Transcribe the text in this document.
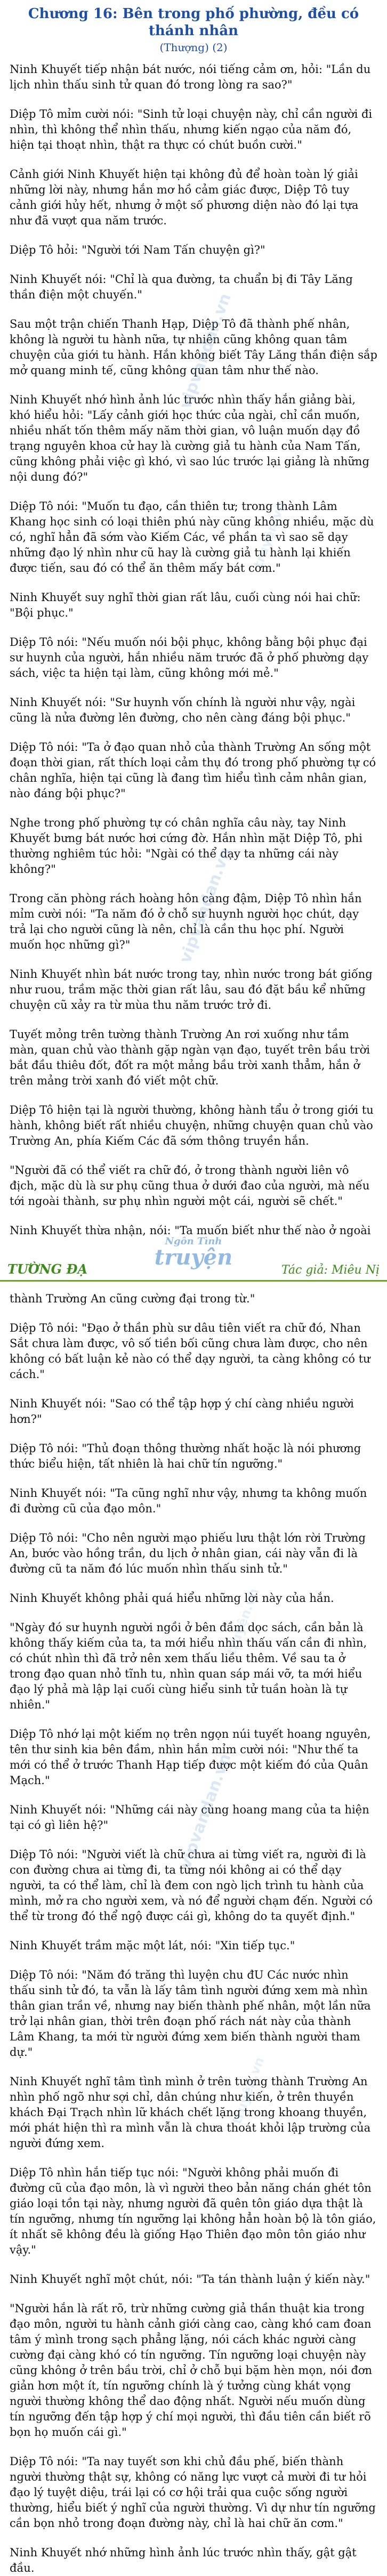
vipvandan.vn
truyện.vn
vipvandan.vn
truyện.vn
vipvandan.vn
truyện.vn
Chương 16: Bên trong phố phường, đều có thánh nhân
(Thượng) (2)
Ninh Khuyết tiếp nhận bát nước, nói tiếng cảm ơn, hỏi: "Lần du lịch nhìn thấu sinh tử quan đó trong lòng ra sao?"
Diệp Tô mỉm cười nói: "Sinh tử loại chuyện này, chỉ cần người đi nhìn, thì không thể nhìn thấu, nhưng kiến ngạo của năm đó, hiện tại thoạt nhìn, thật ra thực có chút buồn cười."
Cảnh giới Ninh Khuyết hiện tại không đủ để hoàn toàn lý giải những lời này, nhưng hắn mơ hồ cảm giác được, Diệp Tô tuy cảnh giới hủy hết, nhưng ở một số phương diện nào đó lại tựa như đã vượt qua năm trước.
Diệp Tô hỏi: "Người tới Nam Tấn chuyện gì?"
Ninh Khuyết nói: "Chỉ là qua đường, ta chuẩn bị đi Tây Lăng thần điện một chuyến."
Sau một trận chiến Thanh Hạp, Diệp Tô đã thành phế nhân, không là người tu hành nữa, tự nhiên cũng không quan tâm chuyện của giới tu hành. Hắn không biết Tây Lăng thần điện sắp mở quang minh tế, cũng không quan tâm như thế nào.
Ninh Khuyết nhớ hình ảnh lúc trước nhìn thấy hắn giảng bài, khó hiểu hỏi: "Lấy cảnh giới học thức của ngài, chỉ cần muốn, nhiều nhất tốn thêm mấy năm thời gian, vô luận muốn dạy đồ trạng nguyên khoa cử hay là cường giả tu hành của Nam Tấn, cũng không phải việc gì khó, vì sao lúc trước lại giảng là những nội dung đó?"
Diệp Tô nói: "Muốn tu đạo, cần thiên tư; trong thành Lâm Khang học sinh có loại thiên phú này cũng không nhiều, mặc dù có, nghĩ hẳn đã sớm vào Kiếm Các, về phần ta vì sao sẽ dạy những đạo lý nhìn như cũ hay là cường giả tu hành lại khiến được tiến, sau đó có thể ăn thêm mấy bát cơm."
Ninh Khuyết suy nghĩ thời gian rất lâu, cuối cùng nói hai chữ: "Bội phục."
Diệp Tô nói: "Nếu muốn nói bội phục, không bằng bội phục đại sư huynh của người, hắn nhiều năm trước đã ở phố phường dạy sách, việc ta hiện tại làm, cũng không mới mẻ."
Ninh Khuyết nói: "Sư huynh vốn chính là người như vậy, ngài cũng là nửa đường lên đường, cho nên càng đáng bội phục."
Diệp Tô nói: "Ta ở đạo quan nhỏ của thành Trường An sống một đoạn thời gian, rất thích loại cảm thụ đó trong phố phường tự có chân nghĩa, hiện tại cũng là đang tìm hiểu tình cảm nhân gian, nào đáng bội phục?"
Nghe trong phố phường tự có chân nghĩa câu này, tay Ninh Khuyết bưng bát nước hơi cứng đờ. Hắn nhìn mặt Diệp Tô, phi thường nghiêm túc hỏi: "Ngài có thể dạy ta những cái này không?"
Trong căn phòng rách hoàng hôn càng đậm, Diệp Tô nhìn hắn mỉm cười nói: "Ta năm đó ở chỗ sư huynh người học chút, dạy trả lại cho người cũng là nên, chỉ là cần thu học phí. Người muốn học những gì?"
Ninh Khuyết nhìn bát nước trong tay, nhìn nước trong bát giống như ruou, trầm mặc thời gian rất lâu, sau đó đặt bầu kể những chuyện cũ xảy ra từ mùa thu năm trước trở đi.
Tuyết mỏng trên tường thành Trường An rơi xuống như tầm màn, quan chủ vào thành gặp ngàn vạn đạo, tuyết trên bầu trời bắt đầu thiêu đốt, đốt ra một mảng bầu trời xanh thẳm, hắn ở trên mảng trời xanh đó viết một chữ.
Diệp Tô hiện tại là người thường, không hành tẩu ở trong giới tu hành, không biết rất nhiều chuyện, những chuyện quan chủ vào Trường An, phía Kiếm Các đã sớm thông truyền hắn.
"Người đã có thể viết ra chữ đó, ở trong thành người liên vô địch, mặc dù là sư phụ cũng thua ở dưới đao của người, mà nếu tới ngoài thành, sư phụ nhìn người một cái, người sẽ chết."
Ninh Khuyết thừa nhận, nói: "Ta muốn biết như thế nào ở ngoài
Ngôn Tình
truyện
TƯỜNG ĐẠ	Tác giả: Miêu Nị
thành Trường An cũng cường đại trong từ."
Diệp Tô nói: "Đạo ở thần phù sư dâu tiên viết ra chữ đó, Nhan Sắt chưa làm được, vô số tiền bối cũng chưa làm được, cho nên không có bất luận kẻ nào có thể dạy người, ta càng không có tư cách."
Ninh Khuyết nói: "Sao có thể tập hợp ý chí càng nhiều người hơn?"
Diệp Tô nói: "Thủ đoạn thông thường nhất hoặc là nói phương thức biểu hiện, tất nhiên là hai chữ tín ngưỡng."
Ninh Khuyết nói: "Ta cũng nghĩ như vậy, nhưng ta không muốn đi đường cũ của đạo môn."
Diệp Tô nói: "Cho nên người mạo phiếu lưu thật lớn rời Trường An, bước vào hồng trần, du lịch ở nhân gian, cái này vẫn đi là đường cũ ta năm đó lúc muốn nhìn thấu sinh tử."
Ninh Khuyết không phải quá hiểu những lời này của hắn.
"Ngày đó sư huynh người ngồi ở bên đầm dọc sách, cần bản là không thấy kiếm của ta, ta mới hiểu nhìn thấu vấn cần đi nhìn, có chút nhìn thì đã trở nên xem thấu liều thêm. Về sau ta ở trong đạo quan nhỏ tĩnh tu, nhìn quan sáp mái vỡ, ta mới hiểu đạo lý phả mà lập lại cuối cùng hiểu sinh tử tuần hoàn là tự nhiên."
Diệp Tô nhớ lại một kiếm nọ trên ngọn núi tuyết hoang nguyên, tên thư sinh kia bên đầm, nhìn hắn mỉm cười nói: "Như thế ta mới có thể ở trước Thanh Hạp tiếp được một kiếm đó của Quân Mạch."
Ninh Khuyết nói: "Những cái này cùng hoang mang của ta hiện tại có gì liên hệ?"
Diệp Tô nói: "Người viết là chữ chưa ai từng viết ra, người đi là con đường chưa ai từng đi, ta từng nói không ai có thể dạy người, ta có thể làm, chỉ là đem con ngò lịch trình tu hành của mình, mở ra cho người xem, và nó để người chạm đến. Người có thể từ trong đó thể ngộ được cái gì, không do ta quyết định."
Ninh Khuyết trầm mặc một lát, nói: "Xin tiếp tục."
Diệp Tô nói: "Năm đó trăng thì luyện chu đU Các nước nhìn thấu sinh tử đó, ta vẫn là lấy tâm tình người đứng xem mà nhìn thân gian trần về, nhưng nay biến thành phế nhân, một lần nữa trở lại nhân gian, thời trên đoạn phố rách nát này của thành Lâm Khang, ta mới từ người đứng xem biến thành người tham dự."
Ninh Khuyết nghĩ tâm tình mình ở trên tường thành Trường An nhìn phố ngõ như sợi chỉ, dân chúng như kiến, ở trên thuyền khách Đại Trạch nhìn lữ khách chết lặng trong khoang thuyền, mới phát hiện thì ra mình vẫn là chưa thoát khỏi lập trường của người đứng xem.
Diệp Tô nhìn hắn tiếp tục nói: "Người không phải muốn đi đường cũ của đạo môn, là vì người theo bản năng chán ghét tôn giáo loại tồn tại này, nhưng người đã quên tôn giáo dựa thật là tín ngưỡng, nhưng tín ngưỡng lại không hẳn hoàn bộ là tôn giáo, ít nhất sẽ không đều là giống Hạo Thiên đạo môn tôn giáo như vậy."
Ninh Khuyết nghĩ một chút, nói: "Ta tán thành luận ý kiến này."
"Người hắn là rất rõ, trừ những cường giả thần thuật kia trong đạo môn, người tu hành cảnh giới càng cao, càng khó cam đoan tâm ý mình trong sạch phẳng lặng, nói cách khác người càng cường đại càng khó có tín ngưỡng. Tín ngưỡng loại chuyện này cũng không ở trên bầu trời, chỉ ở chỗ bụi bặm hèn mọn, nói đơn giản hơn một ít, tín ngưỡng chính là ý tưởng cùng khát vọng người thường không thể dao động nhất. Người nếu muốn dùng tín ngưỡng đến tập hợp ý chí mọi người, thì đầu tiên cần biết rõ bọn họ muốn cái gì."
Diệp Tô nói: "Ta nay tuyết sơn khi chủ đầu phế, biến thành người thường thật sự, không có năng lực vượt cả mười đi tư hỏi đạo lý tuyệt diệu, trái lại có cơ hội trải qua cuộc sống người thường, hiểu biết ý nghĩ của người thường. Vì dự như tín ngưỡng cần bọn nhỏ trong đoạn đường này, chỉ là hai chữ ăn cơm."
Ninh Khuyết nhớ những hình ảnh lúc trước nhìn thấy, gật gật đầu.
